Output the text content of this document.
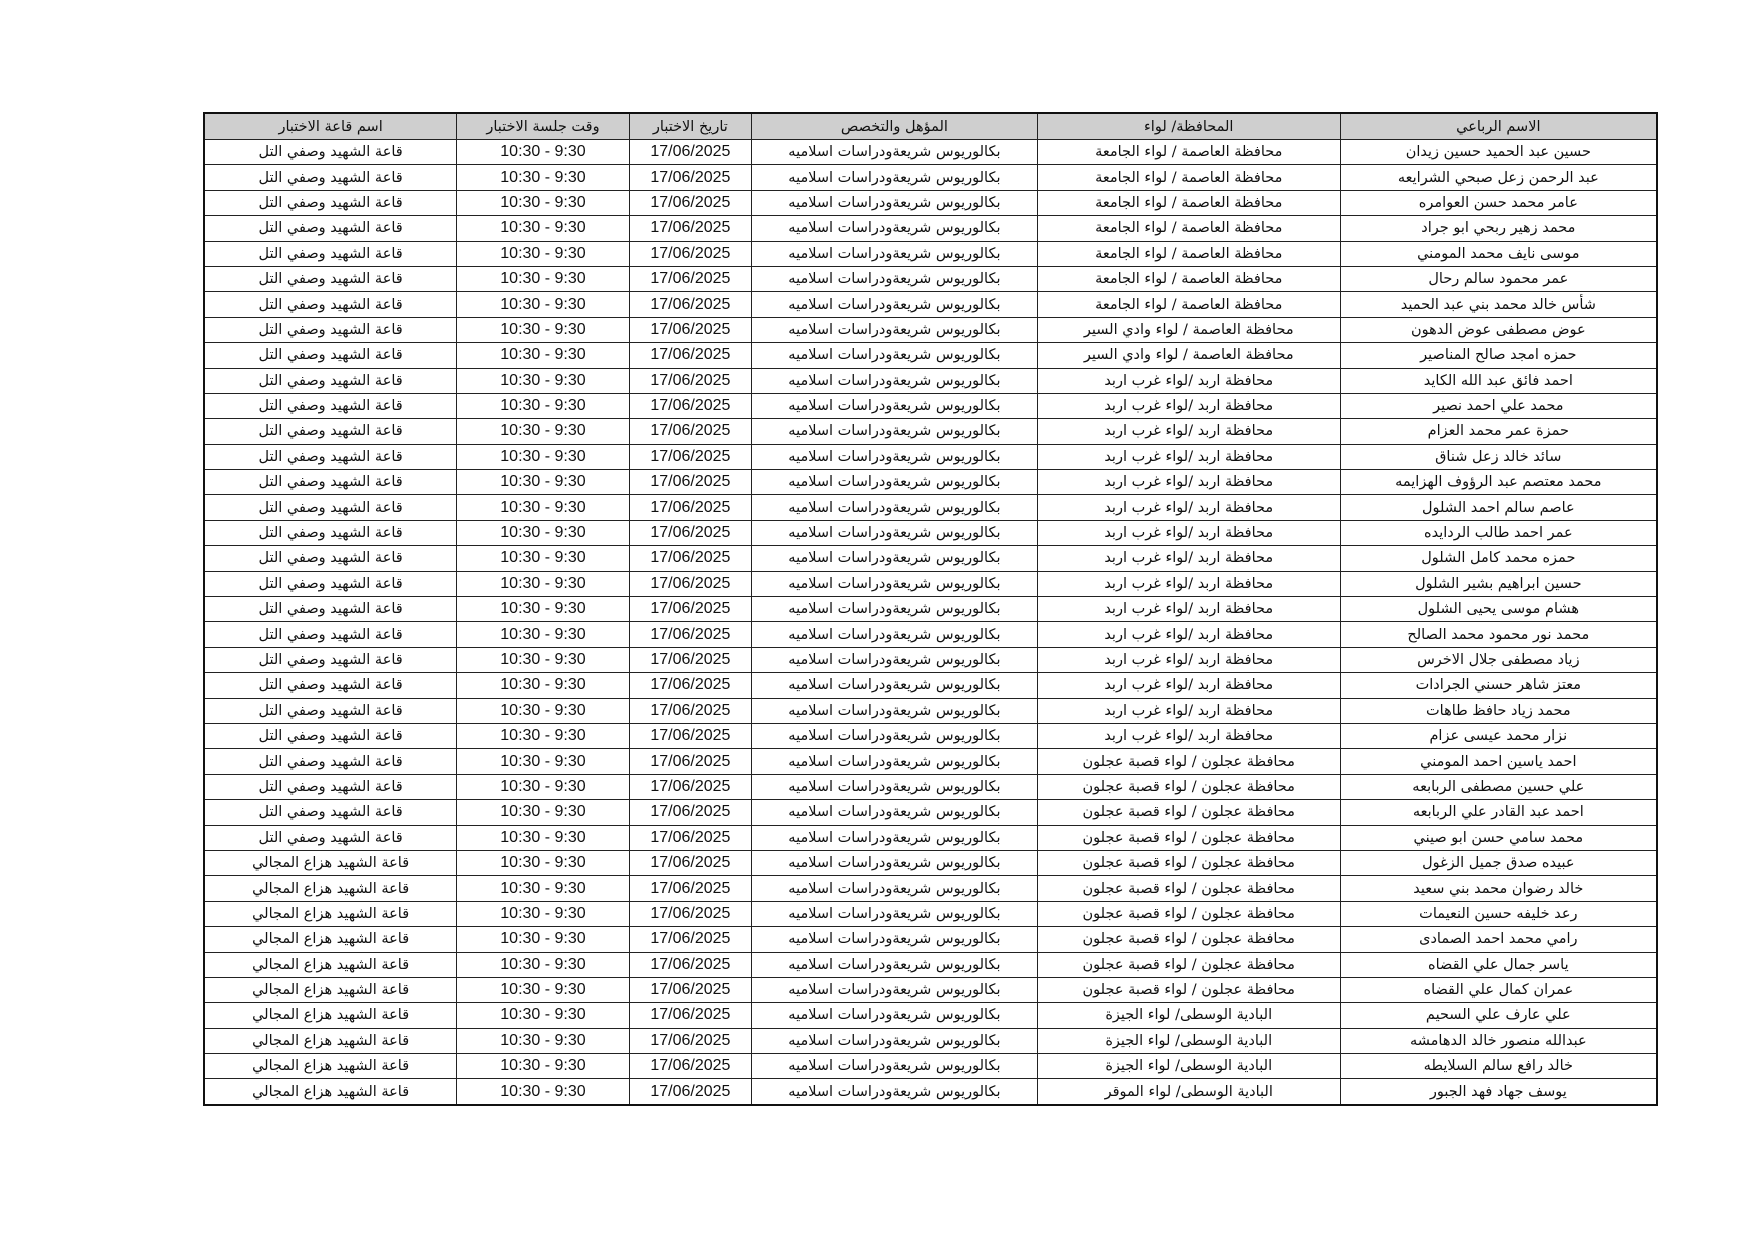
الاسم الرباعي	المحافظة/ لواء	المؤهل والتخصص	تاريخ الاختبار	وقت جلسة الاختبار	اسم قاعة الاختبار
حسين عبد الحميد حسين زيدان	محافظة العاصمة / لواء الجامعة	بكالوريوس شريعةودراسات اسلاميه	17/06/2025	9:30 - 10:30	قاعة الشهيد وصفي التل
عبد الرحمن زعل صبحي الشرايعه	محافظة العاصمة / لواء الجامعة	بكالوريوس شريعةودراسات اسلاميه	17/06/2025	9:30 - 10:30	قاعة الشهيد وصفي التل
عامر محمد حسن العوامره	محافظة العاصمة / لواء الجامعة	بكالوريوس شريعةودراسات اسلاميه	17/06/2025	9:30 - 10:30	قاعة الشهيد وصفي التل
محمد زهير ربحي ابو جراد	محافظة العاصمة / لواء الجامعة	بكالوريوس شريعةودراسات اسلاميه	17/06/2025	9:30 - 10:30	قاعة الشهيد وصفي التل
موسى نايف محمد المومني	محافظة العاصمة / لواء الجامعة	بكالوريوس شريعةودراسات اسلاميه	17/06/2025	9:30 - 10:30	قاعة الشهيد وصفي التل
عمر محمود سالم رحال	محافظة العاصمة / لواء الجامعة	بكالوريوس شريعةودراسات اسلاميه	17/06/2025	9:30 - 10:30	قاعة الشهيد وصفي التل
شأس خالد محمد بني عبد الحميد	محافظة العاصمة / لواء الجامعة	بكالوريوس شريعةودراسات اسلاميه	17/06/2025	9:30 - 10:30	قاعة الشهيد وصفي التل
عوض مصطفى عوض الدهون	محافظة العاصمة / لواء وادي السير	بكالوريوس شريعةودراسات اسلاميه	17/06/2025	9:30 - 10:30	قاعة الشهيد وصفي التل
حمزه امجد صالح المناصير	محافظة العاصمة / لواء وادي السير	بكالوريوس شريعةودراسات اسلاميه	17/06/2025	9:30 - 10:30	قاعة الشهيد وصفي التل
احمد فائق عبد الله الكايد	محافظة اربد /لواء غرب اربد	بكالوريوس شريعةودراسات اسلاميه	17/06/2025	9:30 - 10:30	قاعة الشهيد وصفي التل
محمد علي احمد نصير	محافظة اربد /لواء غرب اربد	بكالوريوس شريعةودراسات اسلاميه	17/06/2025	9:30 - 10:30	قاعة الشهيد وصفي التل
حمزة عمر محمد العزام	محافظة اربد /لواء غرب اربد	بكالوريوس شريعةودراسات اسلاميه	17/06/2025	9:30 - 10:30	قاعة الشهيد وصفي التل
سائد خالد زعل شناق	محافظة اربد /لواء غرب اربد	بكالوريوس شريعةودراسات اسلاميه	17/06/2025	9:30 - 10:30	قاعة الشهيد وصفي التل
محمد معتصم عبد الرؤوف الهزايمه	محافظة اربد /لواء غرب اربد	بكالوريوس شريعةودراسات اسلاميه	17/06/2025	9:30 - 10:30	قاعة الشهيد وصفي التل
عاصم سالم احمد الشلول	محافظة اربد /لواء غرب اربد	بكالوريوس شريعةودراسات اسلاميه	17/06/2025	9:30 - 10:30	قاعة الشهيد وصفي التل
عمر احمد طالب الردايده	محافظة اربد /لواء غرب اربد	بكالوريوس شريعةودراسات اسلاميه	17/06/2025	9:30 - 10:30	قاعة الشهيد وصفي التل
حمزه محمد كامل الشلول	محافظة اربد /لواء غرب اربد	بكالوريوس شريعةودراسات اسلاميه	17/06/2025	9:30 - 10:30	قاعة الشهيد وصفي التل
حسين ابراهيم بشير الشلول	محافظة اربد /لواء غرب اربد	بكالوريوس شريعةودراسات اسلاميه	17/06/2025	9:30 - 10:30	قاعة الشهيد وصفي التل
هشام موسى يحيى الشلول	محافظة اربد /لواء غرب اربد	بكالوريوس شريعةودراسات اسلاميه	17/06/2025	9:30 - 10:30	قاعة الشهيد وصفي التل
محمد نور محمود محمد الصالح	محافظة اربد /لواء غرب اربد	بكالوريوس شريعةودراسات اسلاميه	17/06/2025	9:30 - 10:30	قاعة الشهيد وصفي التل
زياد مصطفى جلال الاخرس	محافظة اربد /لواء غرب اربد	بكالوريوس شريعةودراسات اسلاميه	17/06/2025	9:30 - 10:30	قاعة الشهيد وصفي التل
معتز شاهر حسني الجرادات	محافظة اربد /لواء غرب اربد	بكالوريوس شريعةودراسات اسلاميه	17/06/2025	9:30 - 10:30	قاعة الشهيد وصفي التل
محمد زياد حافظ طاهات	محافظة اربد /لواء غرب اربد	بكالوريوس شريعةودراسات اسلاميه	17/06/2025	9:30 - 10:30	قاعة الشهيد وصفي التل
نزار محمد عيسى عزام	محافظة اربد /لواء غرب اربد	بكالوريوس شريعةودراسات اسلاميه	17/06/2025	9:30 - 10:30	قاعة الشهيد وصفي التل
احمد ياسين احمد المومني	محافظة عجلون / لواء قصبة عجلون	بكالوريوس شريعةودراسات اسلاميه	17/06/2025	9:30 - 10:30	قاعة الشهيد وصفي التل
علي حسين مصطفى الربابعه	محافظة عجلون / لواء قصبة عجلون	بكالوريوس شريعةودراسات اسلاميه	17/06/2025	9:30 - 10:30	قاعة الشهيد وصفي التل
احمد عبد القادر علي الربابعه	محافظة عجلون / لواء قصبة عجلون	بكالوريوس شريعةودراسات اسلاميه	17/06/2025	9:30 - 10:30	قاعة الشهيد وصفي التل
محمد سامي حسن ابو صيني	محافظة عجلون / لواء قصبة عجلون	بكالوريوس شريعةودراسات اسلاميه	17/06/2025	9:30 - 10:30	قاعة الشهيد وصفي التل
عبيده صدق جميل الزغول	محافظة عجلون / لواء قصبة عجلون	بكالوريوس شريعةودراسات اسلاميه	17/06/2025	9:30 - 10:30	قاعة الشهيد هزاع المجالي
خالد رضوان محمد بني سعيد	محافظة عجلون / لواء قصبة عجلون	بكالوريوس شريعةودراسات اسلاميه	17/06/2025	9:30 - 10:30	قاعة الشهيد هزاع المجالي
رعد خليفه حسين النعيمات	محافظة عجلون / لواء قصبة عجلون	بكالوريوس شريعةودراسات اسلاميه	17/06/2025	9:30 - 10:30	قاعة الشهيد هزاع المجالي
رامي محمد احمد الصمادى	محافظة عجلون / لواء قصبة عجلون	بكالوريوس شريعةودراسات اسلاميه	17/06/2025	9:30 - 10:30	قاعة الشهيد هزاع المجالي
ياسر جمال علي القضاه	محافظة عجلون / لواء قصبة عجلون	بكالوريوس شريعةودراسات اسلاميه	17/06/2025	9:30 - 10:30	قاعة الشهيد هزاع المجالي
عمران كمال علي القضاه	محافظة عجلون / لواء قصبة عجلون	بكالوريوس شريعةودراسات اسلاميه	17/06/2025	9:30 - 10:30	قاعة الشهيد هزاع المجالي
علي عارف علي السحيم	البادية الوسطى/ لواء الجيزة	بكالوريوس شريعةودراسات اسلاميه	17/06/2025	9:30 - 10:30	قاعة الشهيد هزاع المجالي
عبدالله منصور خالد الدهامشه	البادية الوسطى/ لواء الجيزة	بكالوريوس شريعةودراسات اسلاميه	17/06/2025	9:30 - 10:30	قاعة الشهيد هزاع المجالي
خالد رافع سالم السلايطه	البادية الوسطى/ لواء الجيزة	بكالوريوس شريعةودراسات اسلاميه	17/06/2025	9:30 - 10:30	قاعة الشهيد هزاع المجالي
يوسف جهاد فهد الجبور	البادية الوسطى/ لواء الموقر	بكالوريوس شريعةودراسات اسلاميه	17/06/2025	9:30 - 10:30	قاعة الشهيد هزاع المجالي
